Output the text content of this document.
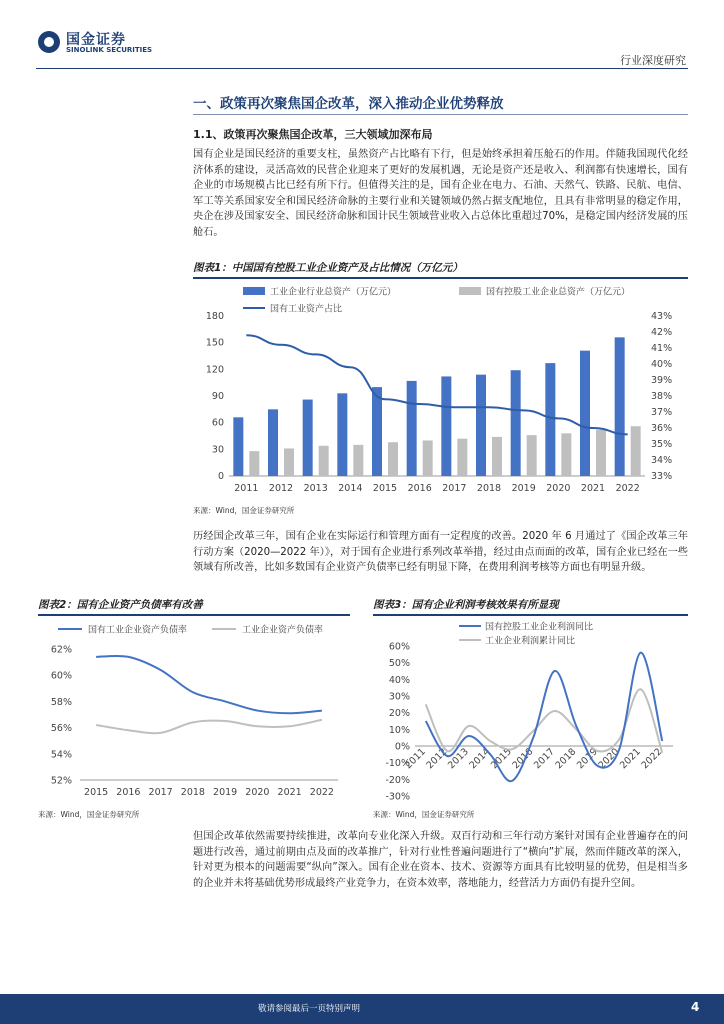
国金证券
SINOLINK SECURITIES
行业深度研究
一、政策再次聚焦国企改革，深入推动企业优势释放
1.1、政策再次聚焦国企改革，三大领域加深布局

国有企业是国民经济的重要支柱，虽然资产占比略有下行，但是始终承担着压舱石的作用。伴随我国现代化经济体系的建设，灵活高效的民营企业迎来了更好的发展机遇，无论是资产还是收入、利润都有快速增长，国有企业的市场规模占比已经有所下行。但值得关注的是，国有企业在电力、石油、天然气、铁路、民航、电信、军工等关系国家安全和国民经济命脉的主要行业和关键领域仍然占据支配地位，且具有非常明显的稳定作用，央企在涉及国家安全、国民经济命脉和国计民生领域营业收入占总体比重超过70%，是稳定国内经济发展的压舱石。

图表1：中国国有控股工业企业资产及占比情况（万亿元）
工业企业行业总资产（万亿元）	国有控股工业企业总资产（万亿元）
国有工业资产占比
0
30
60
90
120
150
180
33%
34%
35%
36%
37%
38%
39%
40%
41%
42%
43%
2011 2012 2013 2014 2015 2016 2017 2018 2019 2020 2021 2022
来源：Wind，国金证券研究所

历经国企改革三年，国有企业在实际运行和管理方面有一定程度的改善。2020 年 6 月通过了《国企改革三年行动方案（2020—2022 年）》，对于国有企业进行系列改革举措，经过由点而面的改革，国有企业已经在一些领域有所改善，比如多数国有企业资产负债率已经有明显下降，在费用利润考核等方面也有明显升级。

图表2：国有企业资产负债率有改善
国有工业企业资产负债率	工业企业资产负债率
52%
54%
56%
58%
60%
62%
2015 2016 2017 2018 2019 2020 2021 2022
来源：Wind，国金证券研究所
图表3：国有企业利润考核效果有所显现
国有控股工业企业利润同比
工业企业利润累计同比
-30%
-20%
-10%
0%
10%
20%
30%
40%
50%
60%
2011
2012
2013
2014
2015
2016
2017
2018
2019
2020
2021
2022
来源：Wind，国金证券研究所

但国企改革依然需要持续推进，改革向专业化深入升级。双百行动和三年行动方案针对国有企业普遍存在的问题进行改善，通过前期由点及面的改革推广，针对行业性普遍问题进行了“横向”扩展，然而伴随改革的深入，针对更为根本的问题需要“纵向”深入。国有企业在资本、技术、资源等方面具有比较明显的优势，但是相当多的企业并未将基础优势形成最终产业竞争力，在资本效率，落地能力，经营活力方面仍有提升空间。

敬请参阅最后一页特别声明	4
